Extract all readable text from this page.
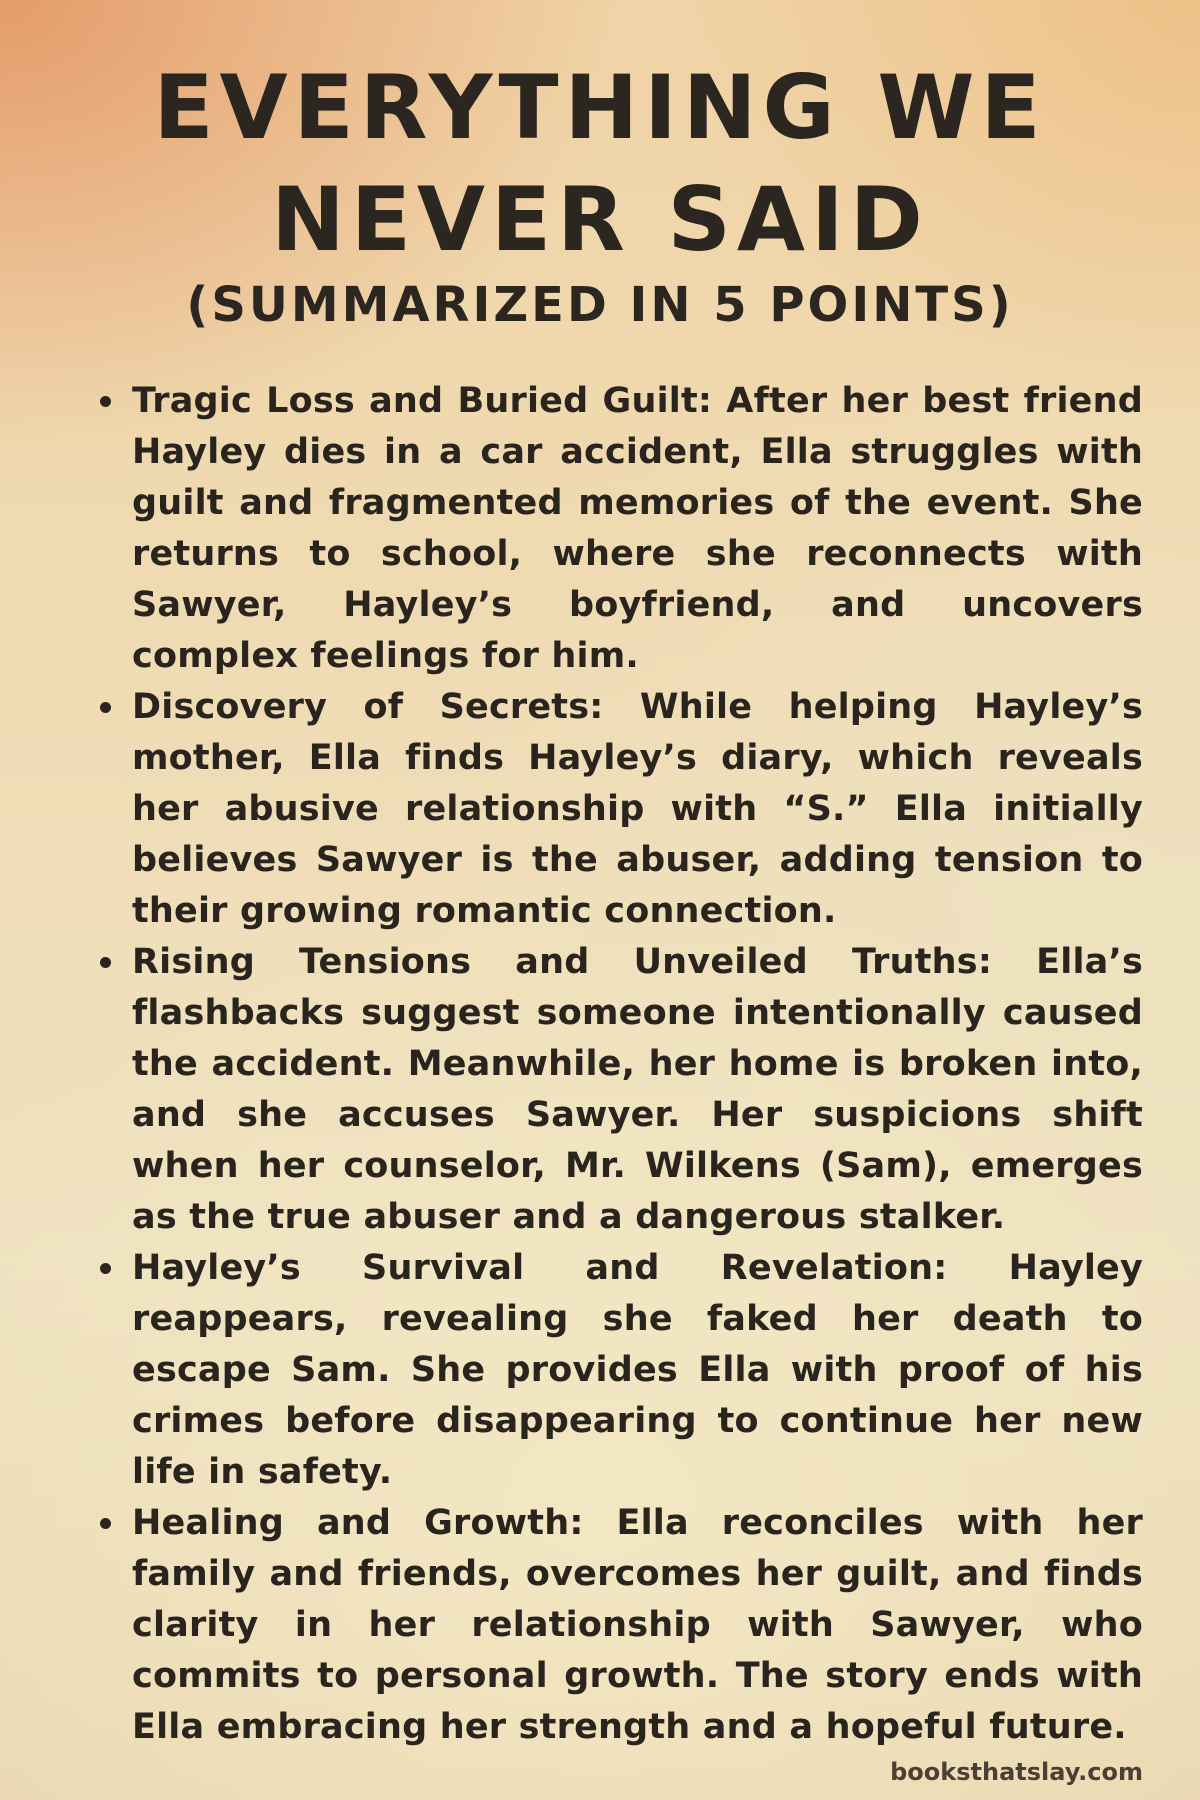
EVERYTHING WE
NEVER SAID
(SUMMARIZED IN 5 POINTS)
Tragic Loss and Buried Guilt: After her best friend Hayley dies in a car accident, Ella struggles with guilt and fragmented memories of the event. She returns to school, where she reconnects with Sawyer, Hayley’s boyfriend, and uncovers complex feelings for him.
Discovery of Secrets: While helping Hayley’s mother, Ella finds Hayley’s diary, which reveals her abusive relationship with “S.” Ella initially believes Sawyer is the abuser, adding tension to their growing romantic connection.
Rising Tensions and Unveiled Truths: Ella’s flashbacks suggest someone intentionally caused the accident. Meanwhile, her home is broken into, and she accuses Sawyer. Her suspicions shift when her counselor, Mr. Wilkens (Sam), emerges as the true abuser and a dangerous stalker.
Hayley’s Survival and Revelation: Hayley reappears, revealing she faked her death to escape Sam. She provides Ella with proof of his crimes before disappearing to continue her new life in safety.
Healing and Growth: Ella reconciles with her family and friends, overcomes her guilt, and finds clarity in her relationship with Sawyer, who commits to personal growth. The story ends with Ella embracing her strength and a hopeful future.
booksthatslay.com
